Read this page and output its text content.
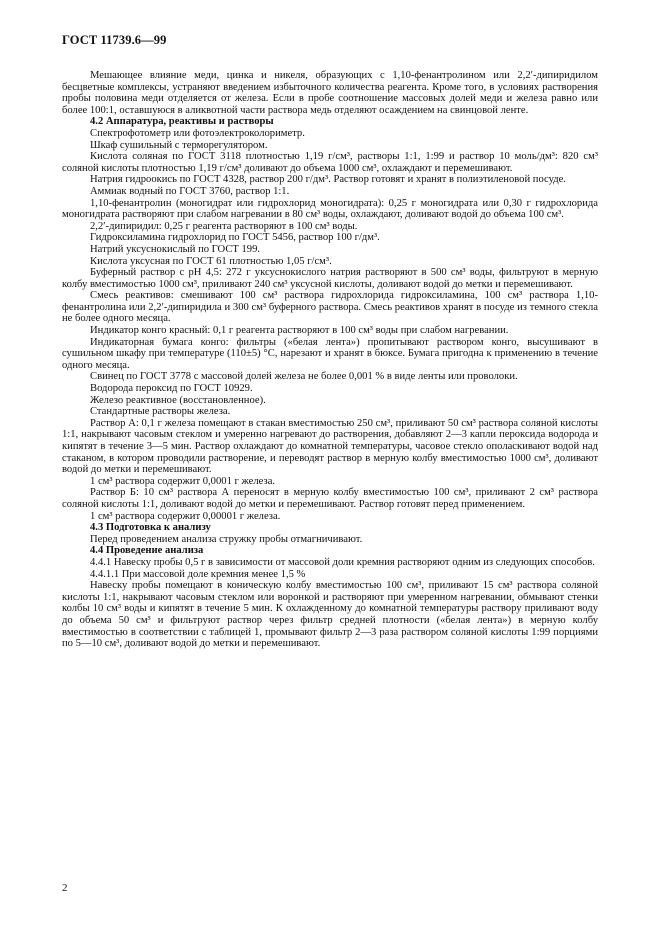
ГОСТ 11739.6—99

Мешающее влияние меди, цинка и никеля, образующих с 1,10-фенантролином или 2,2′-дипиридилом бесцветные комплексы, устраняют введением избыточного количества реагента. Кроме того, в условиях растворения пробы половина меди отделяется от железа. Если в пробе соотношение массовых долей меди и железа равно или более 100:1, оставшуюся в аликвотной части раствора медь отделяют осаждением на свинцовой ленте.

4.2 Аппаратура, реактивы и растворы

Спектрофотометр или фотоэлектроколориметр.

Шкаф сушильный с терморегулятором.

Кислота соляная по ГОСТ 3118 плотностью 1,19 г/см³, растворы 1:1, 1:99 и раствор 10 моль/дм³: 820 см³ соляной кислоты плотностью 1,19 г/см³ доливают до объема 1000 см³, охлаждают и перемешивают.

Натрия гидроокись по ГОСТ 4328, раствор 200 г/дм³. Раствор готовят и хранят в полиэтиленовой посуде.

Аммиак водный по ГОСТ 3760, раствор 1:1.

1,10-фенантролин (моногидрат или гидрохлорид моногидрата): 0,25 г моногидрата или 0,30 г гидрохлорида моногидрата растворяют при слабом нагревании в 80 см³ воды, охлаждают, доливают водой до объема 100 см³.

2,2′-дипиридил: 0,25 г реагента растворяют в 100 см³ воды.

Гидроксиламина гидрохлорид по ГОСТ 5456, раствор 100 г/дм³.

Натрий уксуснокислый по ГОСТ 199.

Кислота уксусная по ГОСТ 61 плотностью 1,05 г/см³.

Буферный раствор с pH 4,5: 272 г уксуснокислого натрия растворяют в 500 см³ воды, фильтруют в мерную колбу вместимостью 1000 см³, приливают 240 см³ уксусной кислоты, доливают водой до метки и перемешивают.

Смесь реактивов: смешивают 100 см³ раствора гидрохлорида гидроксиламина, 100 см³ раствора 1,10-фенантролина или 2,2′-дипиридила и 300 см³ буферного раствора. Смесь реактивов хранят в посуде из темного стекла не более одного месяца.

Индикатор конго красный: 0,1 г реагента растворяют в 100 см³ воды при слабом нагревании.

Индикаторная бумага конго: фильтры («белая лента») пропитывают раствором конго, высушивают в сушильном шкафу при температуре (110±5) °С, нарезают и хранят в бюксе. Бумага пригодна к применению в течение одного месяца.

Свинец по ГОСТ 3778 с массовой долей железа не более 0,001 % в виде ленты или проволоки.

Водорода пероксид по ГОСТ 10929.

Железо реактивное (восстановленное).

Стандартные растворы железа.

Раствор А: 0,1 г железа помещают в стакан вместимостью 250 см³, приливают 50 см³ раствора соляной кислоты 1:1, накрывают часовым стеклом и умеренно нагревают до растворения, добавляют 2—3 капли пероксида водорода и кипятят в течение 3—5 мин. Раствор охлаждают до комнатной температуры, часовое стекло ополаскивают водой над стаканом, в котором проводили растворение, и переводят раствор в мерную колбу вместимостью 1000 см³, доливают водой до метки и перемешивают.

1 см³ раствора содержит 0,0001 г железа.

Раствор Б: 10 см³ раствора А переносят в мерную колбу вместимостью 100 см³, приливают 2 см³ раствора соляной кислоты 1:1, доливают водой до метки и перемешивают. Раствор готовят перед применением.

1 см³ раствора содержит 0,00001 г железа.

4.3 Подготовка к анализу

Перед проведением анализа стружку пробы отмагничивают.

4.4 Проведение анализа

4.4.1 Навеску пробы 0,5 г в зависимости от массовой доли кремния растворяют одним из следующих способов.

4.4.1.1 При массовой доле кремния менее 1,5 %

Навеску пробы помещают в коническую колбу вместимостью 100 см³, приливают 15 см³ раствора соляной кислоты 1:1, накрывают часовым стеклом или воронкой и растворяют при умеренном нагревании, обмывают стенки колбы 10 см³ воды и кипятят в течение 5 мин. К охлажденному до комнатной температуры раствору приливают воду до объема 50 см³ и фильтруют раствор через фильтр средней плотности («белая лента») в мерную колбу вместимостью в соответствии с таблицей 1, промывают фильтр 2—3 раза раствором соляной кислоты 1:99 порциями по 5—10 см³, доливают водой до метки и перемешивают.

2
